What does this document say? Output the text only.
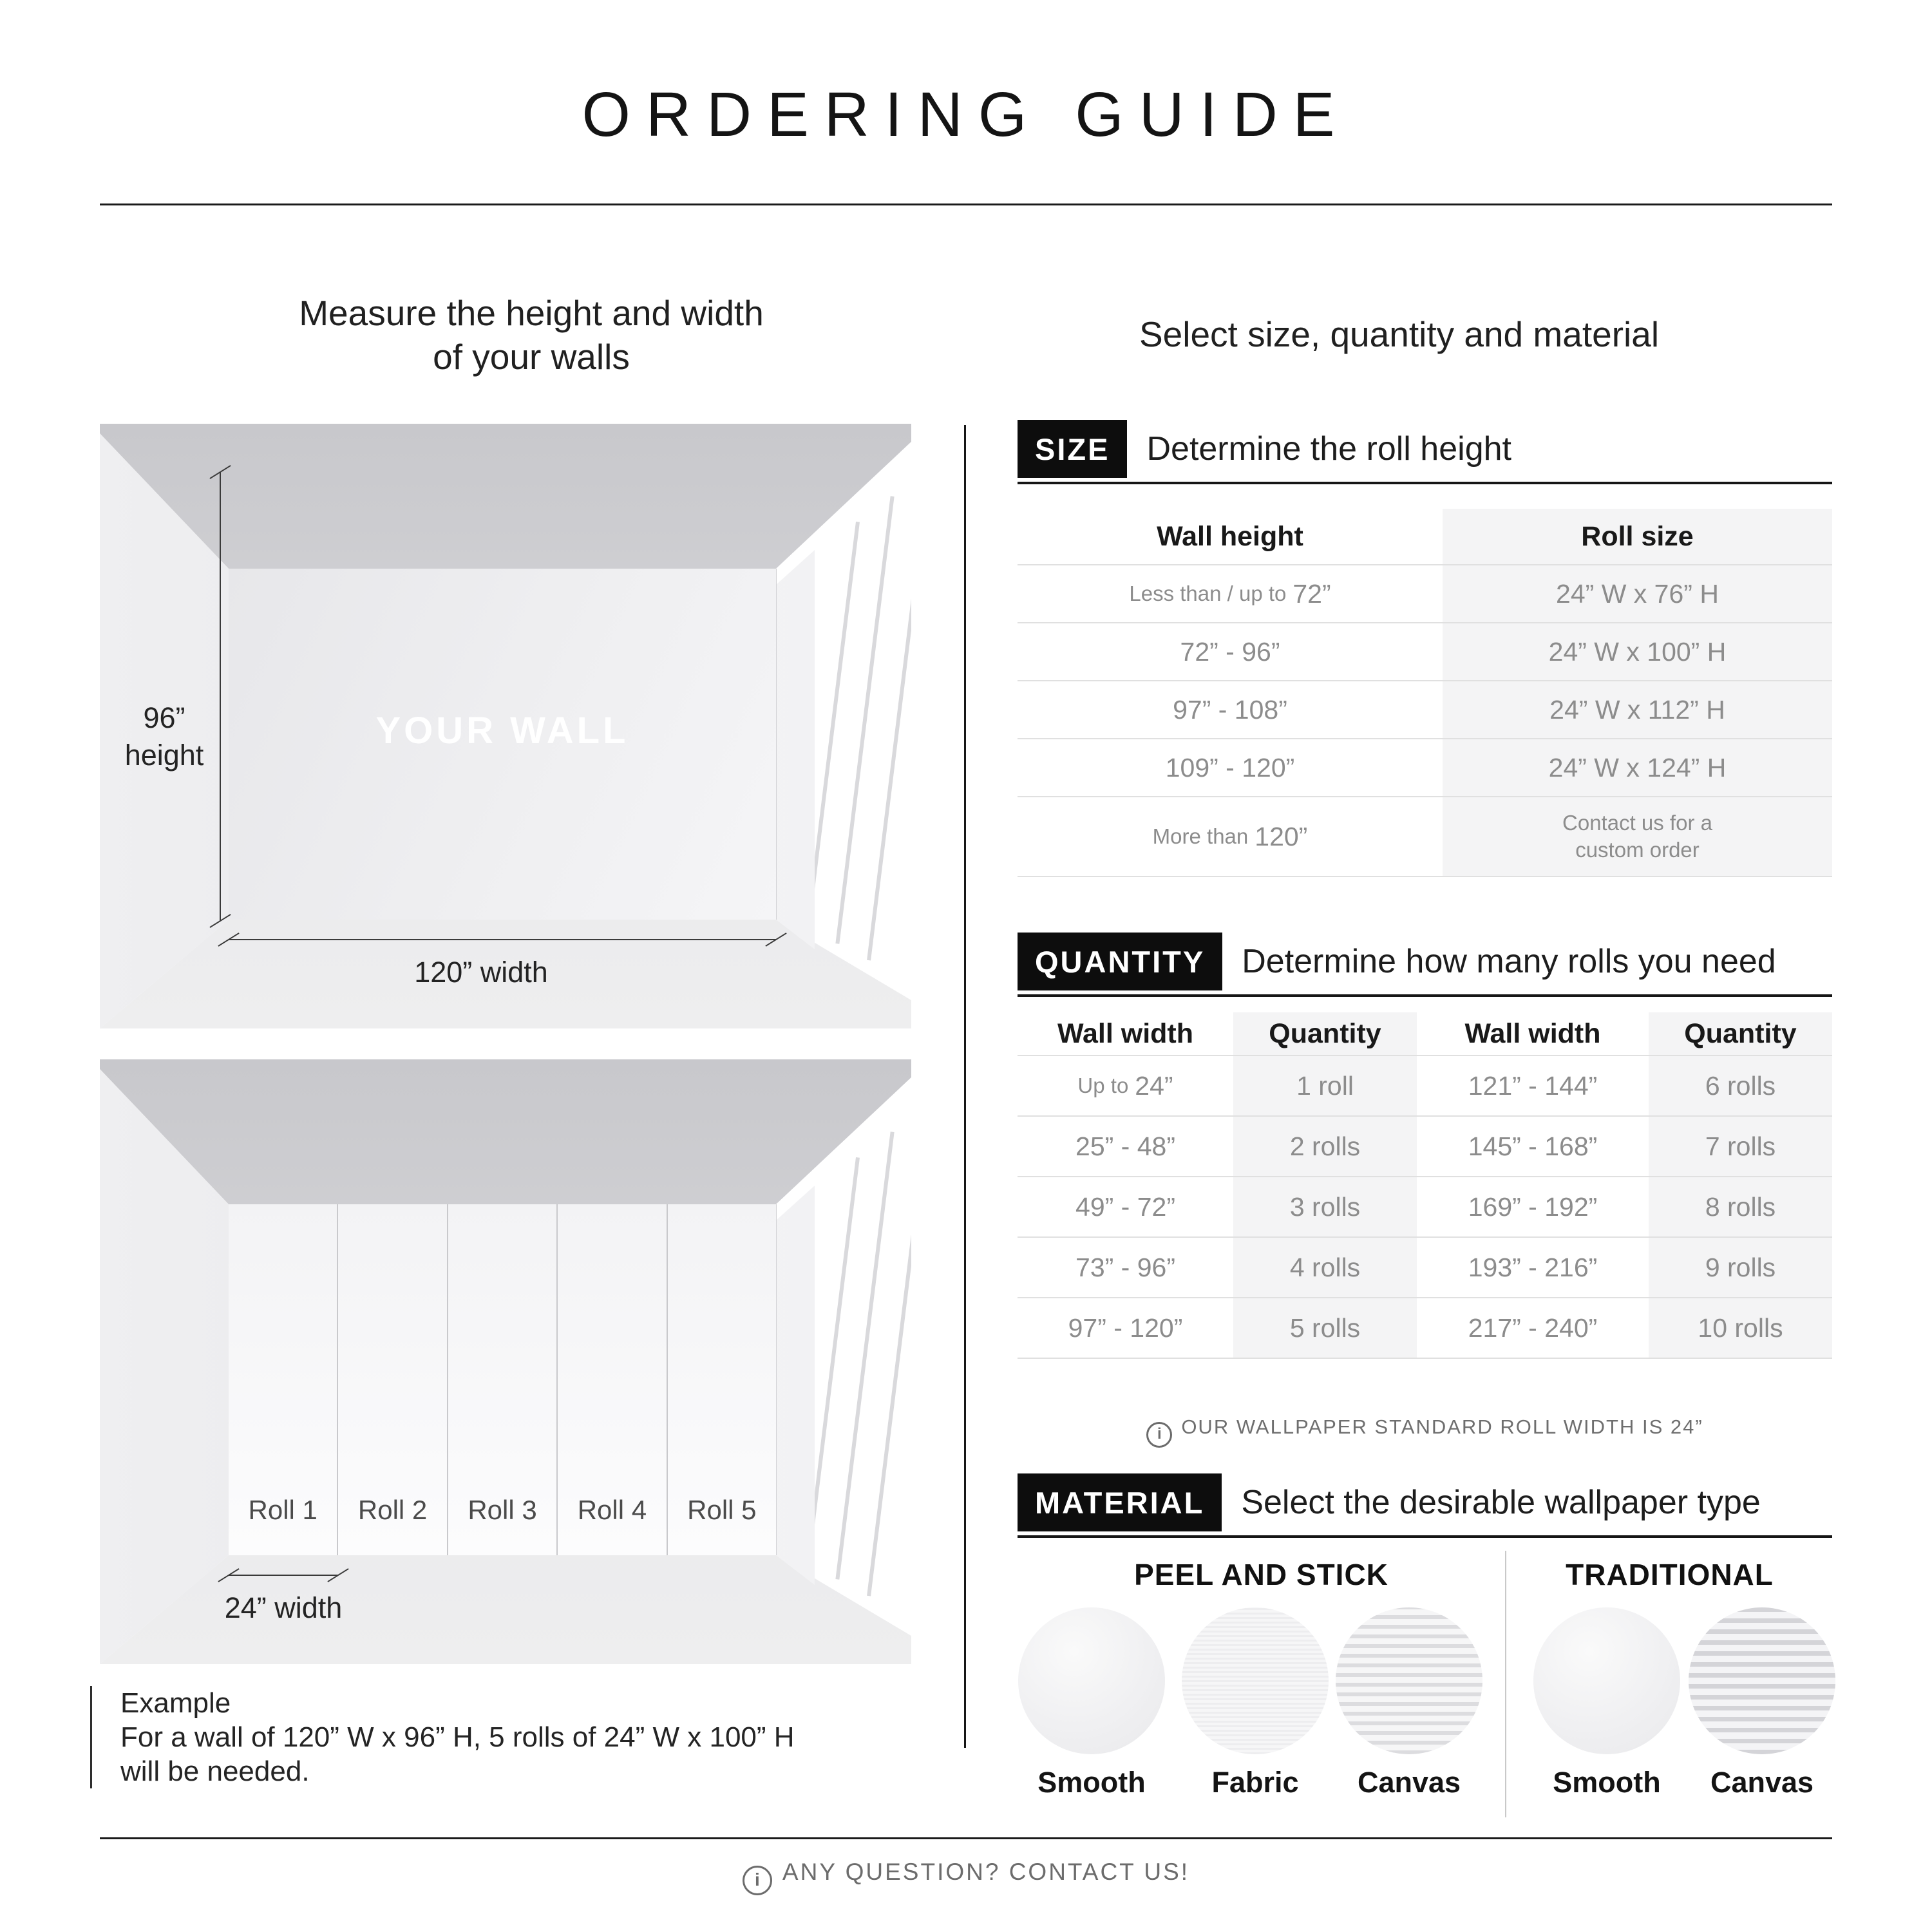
ORDERING GUIDE
Measure the height and width
of your walls
Select size, quantity and material
YOUR WALL
96”
height
120” width
Roll 1	Roll 2	Roll 3	Roll 4	Roll 5
24” width
Example
For a wall of 120” W x 96” H, 5 rolls of 24” W x 100” H
will be needed.
SIZE	Determine the roll height
Wall height	Roll size
Less than / up to 72”	24” W x 76” H
72” - 96”	24” W x 100” H
97” - 108”	24” W x 112” H
109” - 120”	24” W x 124” H
More than 120”	Contact us for a custom order
QUANTITY	Determine how many rolls you need
Wall width	Quantity	Wall width	Quantity
Up to 24”	1 roll	121” - 144”	6 rolls
25” - 48”	2 rolls	145” - 168”	7 rolls
49” - 72”	3 rolls	169” - 192”	8 rolls
73” - 96”	4 rolls	193” - 216”	9 rolls
97” - 120”	5 rolls	217” - 240”	10 rolls
iOUR WALLPAPER STANDARD ROLL WIDTH IS 24”
MATERIAL	Select the desirable wallpaper type
PEEL AND STICK	TRADITIONAL
Smooth	Fabric	Canvas	Smooth	Canvas
iANY QUESTION? CONTACT US!
